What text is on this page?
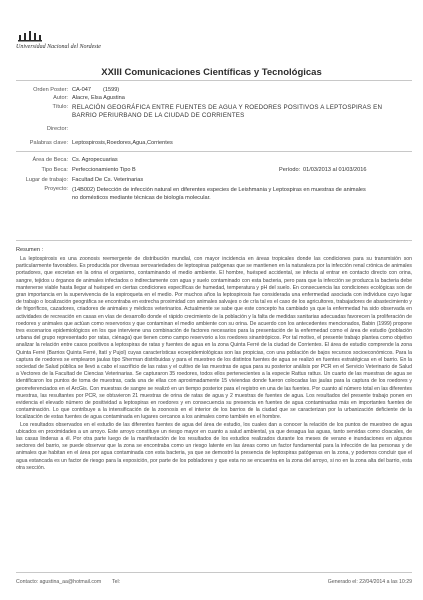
Universidad Nacional del Nordeste
XXIII Comunicaciones Científicas y Tecnológicas
Orden Poster: CA-047 (1599)
Autor: Alacre, Elsa Agustina
Título: RELACIÓN GEOGRÁFICA ENTRE FUENTES DE AGUA Y ROEDORES POSITIVOS A LEPTOSPIRAS EN BARRIO PERIURBANO DE LA CIUDAD DE CORRIENTES
Director:
Palabras clave: Leptospirosis,Roedores,Agua,Corrientes
Área de Beca: Cs. Agropecuarias
Tipo Beca: Perfeccionamiento Tipo B	Período: 01/03/2013 al 01/03/2016
Lugar de trabajo: Facultad De Cs. Veterinarias
Proyecto: (14B002) Detección de infección natural en diferentes especies de Leishmania y Leptospiras en muestras de animales no domésticos mediante técnicas de biología molecular.
Resumen :

La leptospirosis es una zoonosis reemergente de distribución mundial, con mayor incidencia en áreas tropicales donde las condiciones para su transmisión son particularmente favorables. Es producida por diversas serovariedades de leptospiras patógenas que se mantienen en la naturaleza por la infección renal crónica de animales portadores, que excretan en la orina el organismo, contaminando el medio ambiente. El hombre, huésped accidental, se infecta al entrar en contacto directo con orina, sangre, tejidos u órganos de animales infectados o indirectamente con agua y suelo contaminado con esta bacteria, pero para que la infección se produzca la bacteria debe mantenerse viable hasta llegar al huésped en ciertas condiciones específicas de humedad, temperatura y pH del suelo. En consecuencia las condiciones ecológicas son de gran importancia en la supervivencia de la espiroqueta en el medio. Por muchos años la leptospirosis fue considerada una enfermedad asociada con individuos cuyo lugar de trabajo o localización geográfica se encontraba en estrecha proximidad con animales salvajes o de cría tal es el caso de los agricultores, trabajadores de abastecimiento y de frigoríficos, cazadores, criadores de animales y médicos veterinarios. Actualmente se sabe que este concepto ha cambiado ya que la enfermedad ha sido observada en actividades de recreación en casas en vías de desarrollo donde el rápido crecimiento de la población y la falta de medidas sanitarias adecuadas favorecen la proliferación de roedores y animales que actúan como reservorios y que contaminan el medio ambiente con su orina. De acuerdo con los antecedentes mencionados, Babin (1999) propone tres escenarios epidemiológicos en los que interviene una combinación de factores necesarios para la presentación de la enfermedad como el área de estudio (población urbana del grupo representado por ratas, ciénaga) que tienen como campo reservorio a los roedores sinantrópicos. Por tal motivo, el presente trabajo plantea como objetivo analizar la relación entre casos positivos a leptospiras de ratas y fuentes de agua en la zona Quinta Ferré de la ciudad de Corrientes. El área de estudio comprende la zona Quinta Ferré (Barrios Quinta Ferré, Itatí y Pujol) cuyas características ecoepidemiológicas son las propicias, con una población de bajos recursos socioeconómicos. Para la captura de roedores se emplearon jaulas tipo Sherman distribuidas y para el muestreo de los distintos fuentes de agua se realizó en fuentes estratégicas en el barrio. En la sociedad de Salud pública se llevó a cabo el sacrificio de las ratas y el cultivo de las muestras de agua para su posterior análisis por PCR en el Servicio Veterinario de Salud a Vectores de la Facultad de Ciencias Veterinarias. Se capturaron 35 roedores, todos ellos pertenecientes a la especie Rattus rattus. Un cuarto de las muestras de agua se identificaron los puntos de toma de muestras, cada una de ellas con aproximadamente 15 viviendas donde fueron colocadas las jaulas para la captura de los roedores y georreferenciados en el ArcGis. Con muestras de sangre se realizó en un tiempo posterior para el registro en una de las fuentes. Por cuanto al número total en las diferentes muestras, las resultantes por PCR, se obtuvieron 21 muestras de orina de ratas de agua y 2 muestras de fuentes de agua. Los resultados del presente trabajo ponen en evidencia el elevado número de positividad a leptospiras en roedores y en consecuencia su presencia en fuentes de agua contaminadas más en importantes fuentes de contaminación. Lo que contribuye a la intensificación de la zoonosis en el interior de los barrios de la ciudad que se caracterizan por la urbanización deficiente de la localización de estas fuentes de agua contaminada en lugares cercanos a los animales como también en el hombre.

Los resultados observados en el estudio de las diferentes fuentes de agua del área de estudio, los cuales dan a conocer la relación de los puntos de muestreo de agua ubicados en proximidades a un arroyo. Este arroyo constituye un riesgo mayor en cuanto a salud ambiental, ya que desagua las aguas, tanto servidas como cloacales, de las casas linderas a él. Por otra parte luego de la manifestación de los resultados de los estudios realizados durante los meses de verano e inundaciones en algunos sectores del barrio, se puede observar que la zona se encontraba como un riesgo latente en las áreas como un factor fundamental para la infección de las personas y de animales que habitan en el área por agua contaminada con esta bacteria, ya que se demostró la presencia de leptospiras patógenas en la zona, y podemos concluir que el agua estancada es un factor de riesgo para la exposición, por parte de los pobladores y que esta no se encuentra en la zona del arroyo, si no en la zona alta del barrio, esta otra sección.

Contacto: agustina_aa@hotmail.com Tel:	Generado el: 22/04/2014 a las 10:29
